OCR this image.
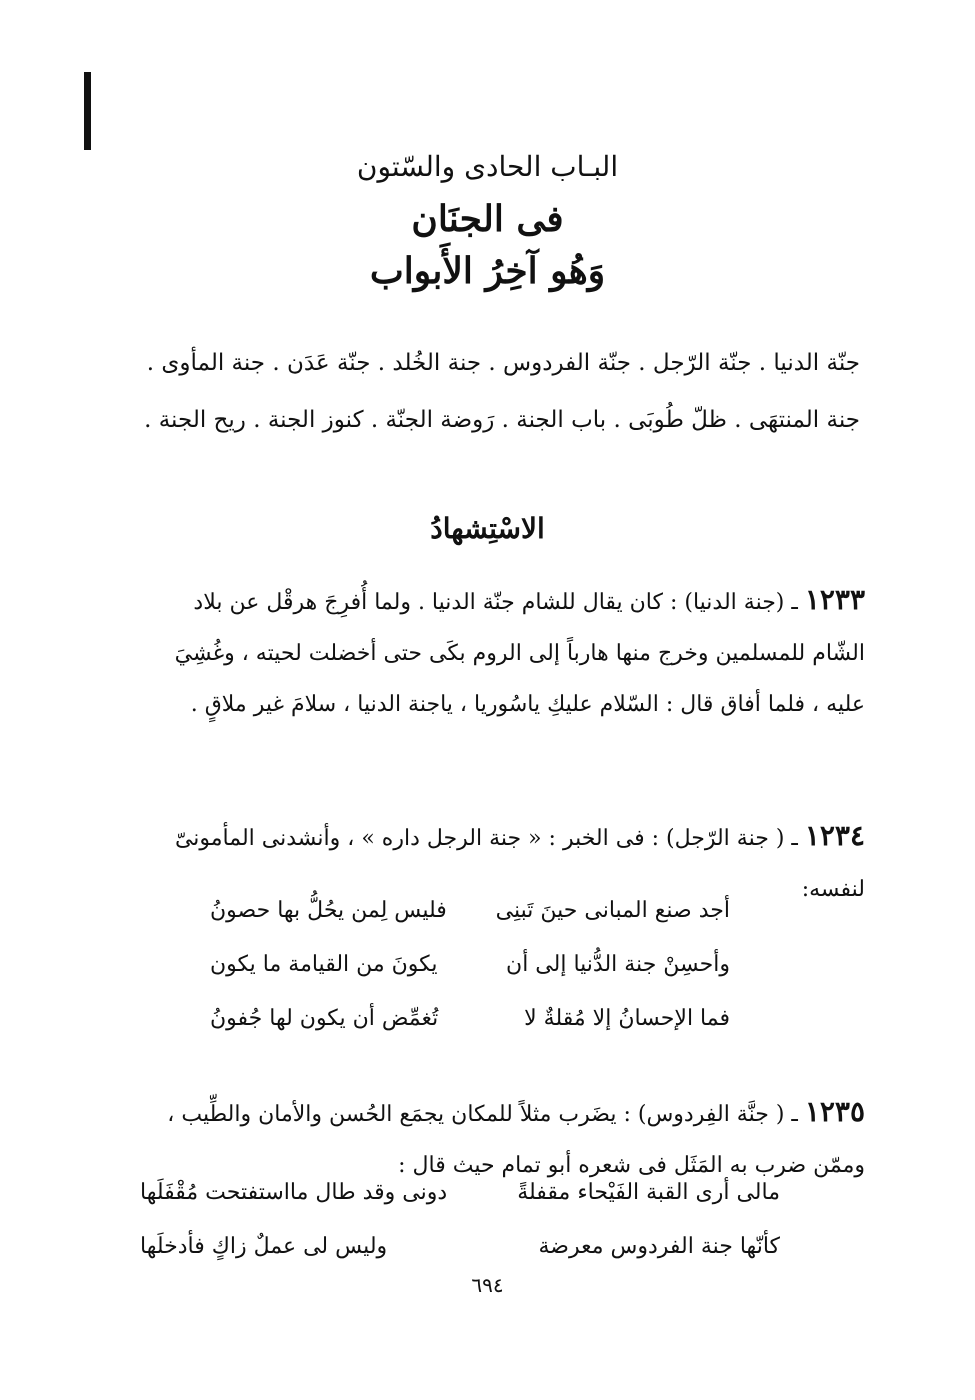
البـاب الحادى والسّتون
فى الجنَان
وَهُو آخِرُ الأَبواب
جنّة الدنيا . جنّة الرّجل . جنّة الفردوس . جنة الخُلد . جنّة عَدَن . جنة المأوى . جنة المنتهَى . ظلّ طُوبَى . باب الجنة . رَوضة الجنّة . كنوز الجنة . ريح الجنة .
الاسْتِشهادُ
١٢٣٣ ـ (جنة الدنيا) : كان يقال للشام جنّة الدنيا . ولما أُفرِجَ هرقْل عن بلاد الشّام للمسلمين وخرج منها هارباً إلى الروم بكَى حتى أخضلت لحيته ، وغُشِيَ عليه ، فلما أفاق قال : السّلام عليكِ ياسُوريا ، ياجنة الدنيا ، سلامَ غير ملاقٍ .
١٢٣٤ ـ ( جنة الرّجل) : فى الخبر : « جنة الرجل داره » ، وأنشدنى المأمونىّ لنفسه:
أجد صنع المبانى حينَ تَبنِى
فليس لِمن يحُلُّ بها حصونُ
وأحسِنْ جنة الدُّنيا إلى أن
يكونَ من القيامة ما يكون
فما الإحسانُ إلا مُقلةٌ لا
تُغمِّض أن يكون لها جُفونُ
١٢٣٥ ـ ( جنَّة الفِردوس) : يضَرب مثلاً للمكان يجمَع الحُسن والأمان والطِّيب ، وممّن ضرب به المَثَل فى شعره أبو تمام حيث قال :
مالى أرى القبة الفَيْحاء مقفلةً
دونى وقد طال مااستفتحت مُقْفَلَها
كأنّها جنة الفردوس معرضة
وليس لى عملٌ زاكٍ فأدخلَها
٦٩٤
